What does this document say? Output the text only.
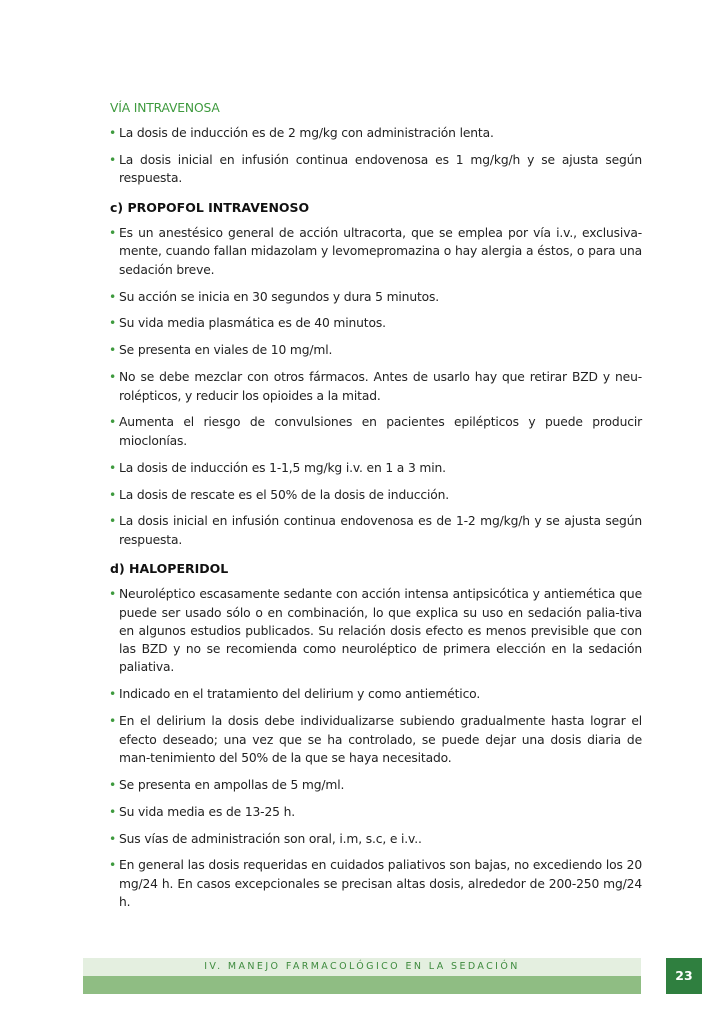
VÍA INTRAVENOSA
• La dosis de inducción es de 2 mg/kg con administración lenta.
• La dosis inicial en infusión continua endovenosa es 1 mg/kg/h y se ajusta según respuesta.
c) PROPOFOL INTRAVENOSO
• Es un anestésico general de acción ultracorta, que se emplea por vía i.v., exclusiva-mente, cuando fallan midazolam y levomepromazina o hay alergia a éstos, o para una sedación breve.
• Su acción se inicia en 30 segundos y dura 5 minutos.
• Su vida media plasmática es de 40 minutos.
• Se presenta en viales de 10 mg/ml.
• No se debe mezclar con otros fármacos. Antes de usarlo hay que retirar BZD y neu-rolépticos, y reducir los opioides a la mitad.
• Aumenta el riesgo de convulsiones en pacientes epilépticos y puede producir mioclonías.
• La dosis de inducción es 1-1,5 mg/kg i.v. en 1 a 3 min.
• La dosis de rescate es el 50% de la dosis de inducción.
• La dosis inicial en infusión continua endovenosa es de 1-2 mg/kg/h y se ajusta según respuesta.
d) HALOPERIDOL
• Neuroléptico escasamente sedante con acción intensa antipsicótica y antiemética que puede ser usado sólo o en combinación, lo que explica su uso en sedación palia-tiva en algunos estudios publicados. Su relación dosis efecto es menos previsible que con las BZD y no se recomienda como neuroléptico de primera elección en la sedación paliativa.
• Indicado en el tratamiento del delirium y como antiemético.
• En el delirium la dosis debe individualizarse subiendo gradualmente hasta lograr el efecto deseado; una vez que se ha controlado, se puede dejar una dosis diaria de man-tenimiento del 50% de la que se haya necesitado.
• Se presenta en ampollas de 5 mg/ml.
• Su vida media es de 13-25 h.
• Sus vías de administración son oral, i.m, s.c, e i.v..
• En general las dosis requeridas en cuidados paliativos son bajas, no excediendo los 20 mg/24 h. En casos excepcionales se precisan altas dosis, alrededor de 200-250 mg/24 h.
IV. MANEJO FARMACOLÓGICO EN LA SEDACIÓN
23
